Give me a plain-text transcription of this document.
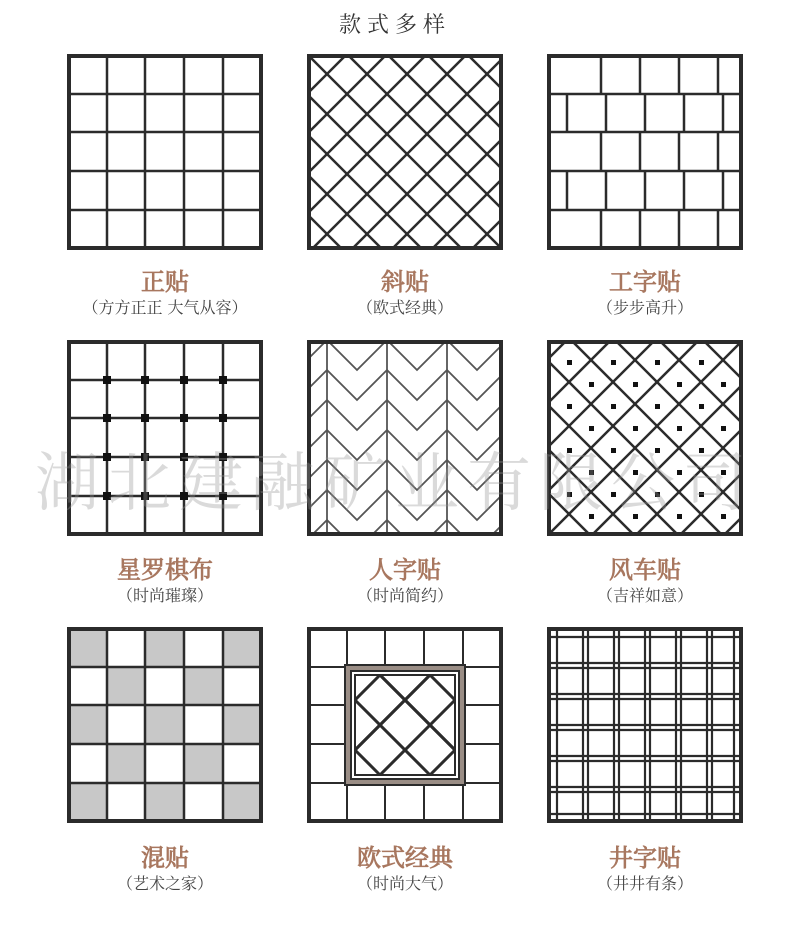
款式多样
正贴
（方方正正 大气从容）
斜贴
（欧式经典）
工字贴
（步步高升）
星罗棋布
（时尚璀璨）
人字贴
（时尚简约）
风车贴
（吉祥如意）
混贴
（艺术之家）
欧式经典
（时尚大气）
井字贴
（井井有条）
湖北建融矿业有限公司
